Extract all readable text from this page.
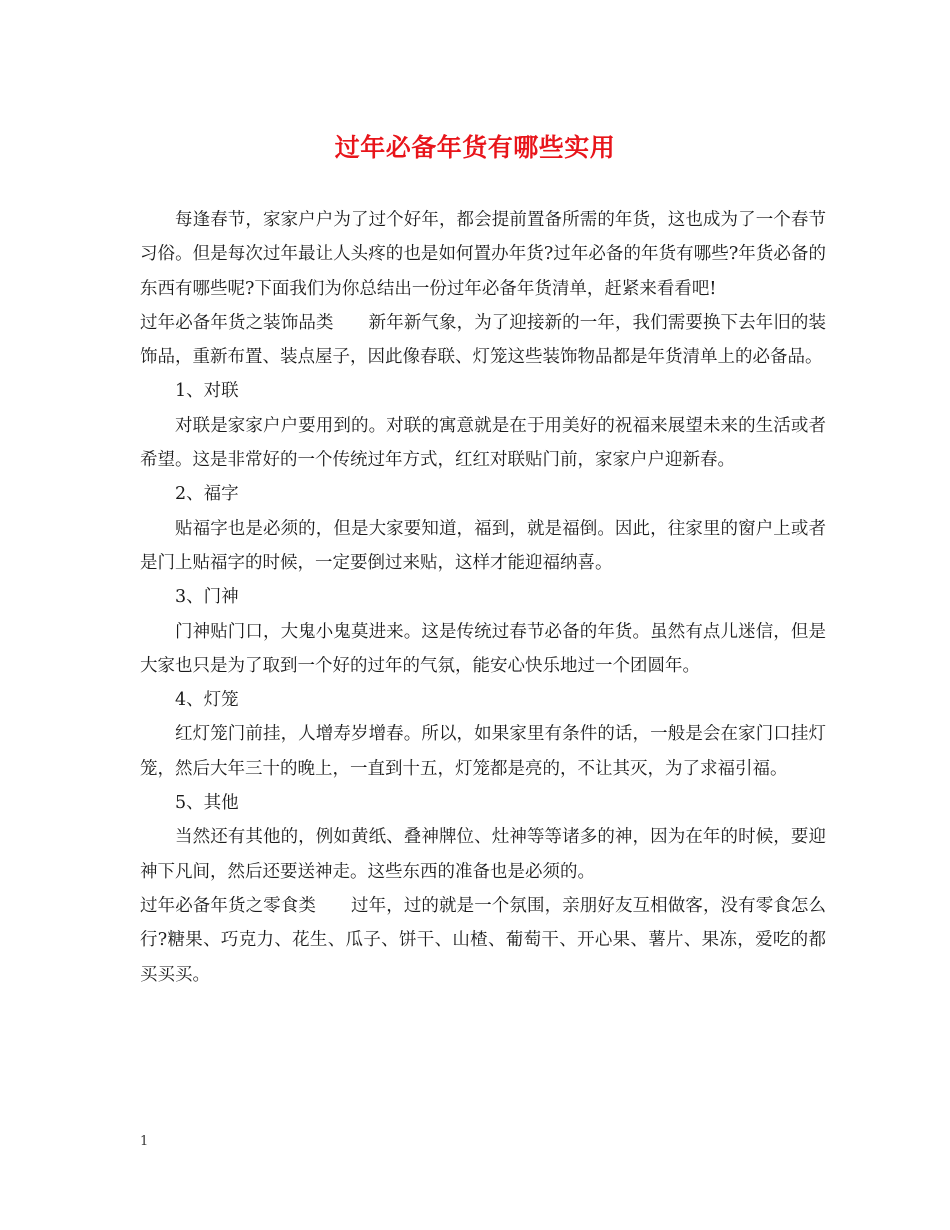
过年必备年货有哪些实用

每逢春节，家家户户为了过个好年，都会提前置备所需的年货，这也成为了一个春节习俗。但是每次过年最让人头疼的也是如何置办年货?过年必备的年货有哪些?年货必备的东西有哪些呢?下面我们为你总结出一份过年必备年货清单，赶紧来看看吧!

过年必备年货之装饰品类 新年新气象，为了迎接新的一年，我们需要换下去年旧的装饰品，重新布置、装点屋子，因此像春联、灯笼这些装饰物品都是年货清单上的必备品。

1、对联

对联是家家户户要用到的。对联的寓意就是在于用美好的祝福来展望未来的生活或者希望。这是非常好的一个传统过年方式，红红对联贴门前，家家户户迎新春。

2、福字

贴福字也是必须的，但是大家要知道，福到，就是福倒。因此，往家里的窗户上或者是门上贴福字的时候，一定要倒过来贴，这样才能迎福纳喜。

3、门神

门神贴门口，大鬼小鬼莫进来。这是传统过春节必备的年货。虽然有点儿迷信，但是大家也只是为了取到一个好的过年的气氛，能安心快乐地过一个团圆年。

4、灯笼

红灯笼门前挂，人增寿岁增春。所以，如果家里有条件的话，一般是会在家门口挂灯笼，然后大年三十的晚上，一直到十五，灯笼都是亮的，不让其灭，为了求福引福。

5、其他

当然还有其他的，例如黄纸、叠神牌位、灶神等等诸多的神，因为在年的时候，要迎神下凡间，然后还要送神走。这些东西的准备也是必须的。

过年必备年货之零食类 过年，过的就是一个氛围，亲朋好友互相做客，没有零食怎么行?糖果、巧克力、花生、瓜子、饼干、山楂、葡萄干、开心果、薯片、果冻，爱吃的都买买买。

1
